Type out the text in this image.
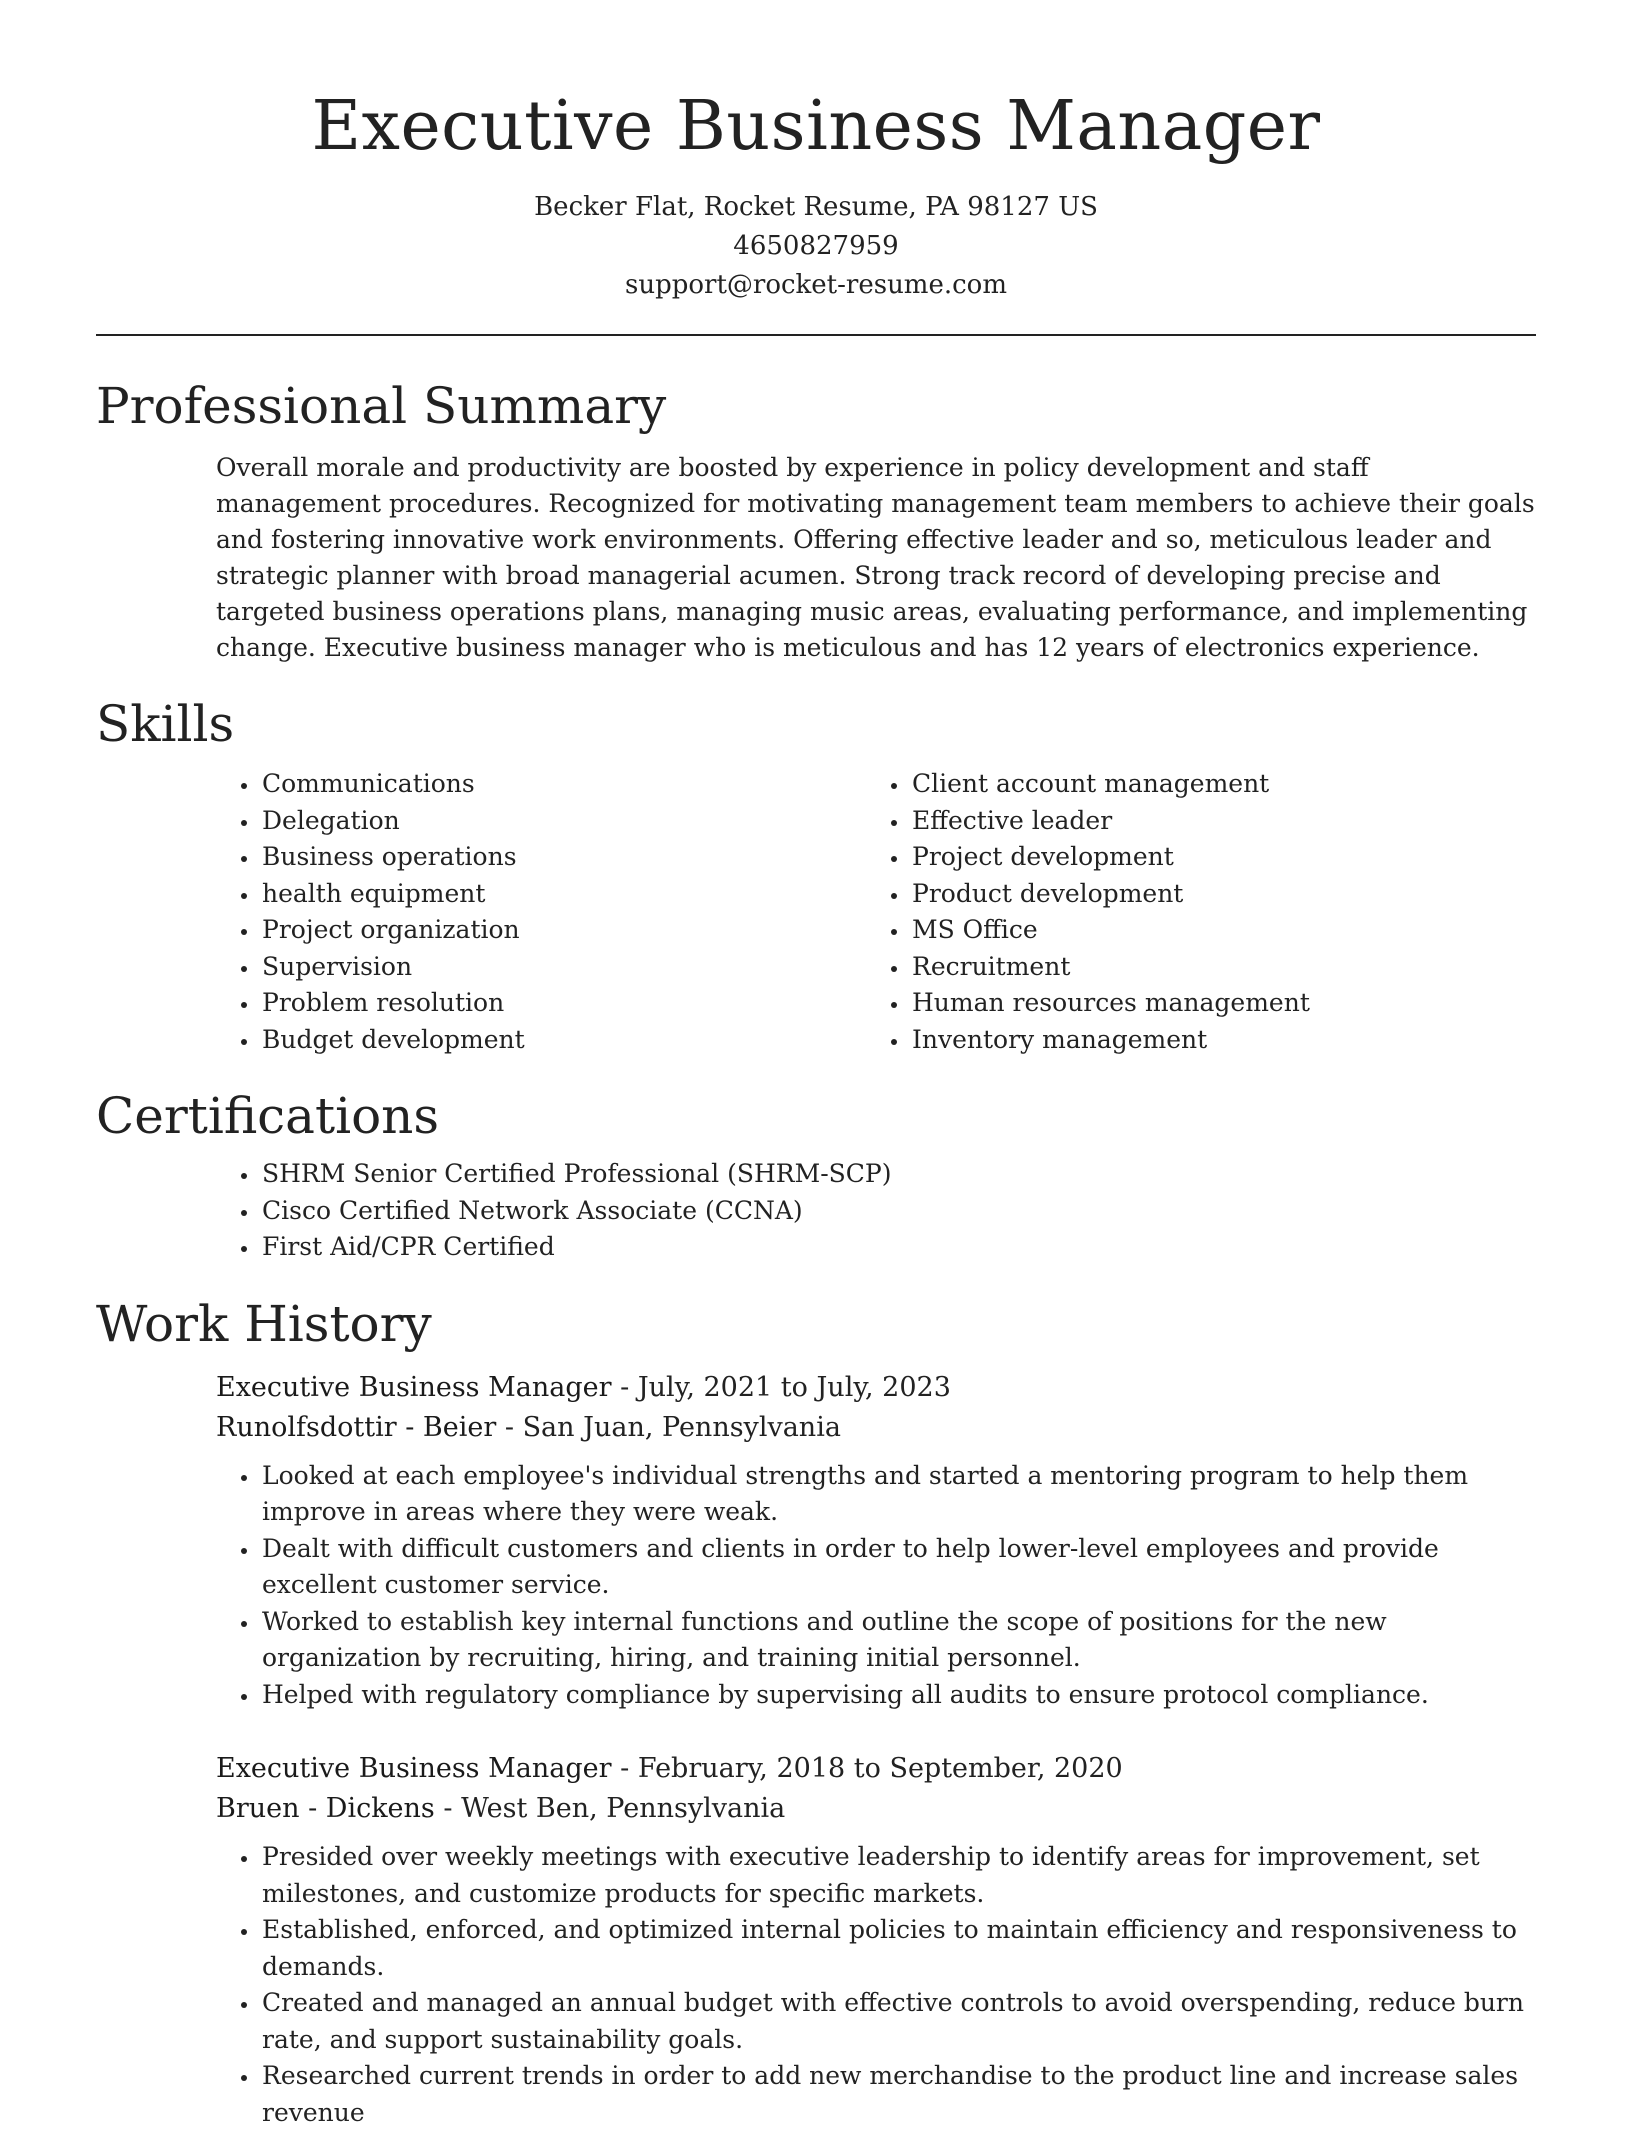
Executive Business Manager
Becker Flat, Rocket Resume, PA 98127 US
4650827959
support@rocket-resume.com
Professional Summary

Overall morale and productivity are boosted by experience in policy development and staff management procedures. Recognized for motivating management team members to achieve their goals and fostering innovative work environments. Offering effective leader and so, meticulous leader and strategic planner with broad managerial acumen. Strong track record of developing precise and targeted business operations plans, managing music areas, evaluating performance, and implementing change. Executive business manager who is meticulous and has 12 years of electronics experience.

Skills
• Communications
• Delegation
• Business operations
• health equipment
• Project organization
• Supervision
• Problem resolution
• Budget development
• Client account management
• Effective leader
• Project development
• Product development
• MS Office
• Recruitment
• Human resources management
• Inventory management
Certifications
• SHRM Senior Certified Professional (SHRM-SCP)
• Cisco Certified Network Associate (CCNA)
• First Aid/CPR Certified
Work History
Executive Business Manager - July, 2021 to July, 2023
Runolfsdottir - Beier - San Juan, Pennsylvania
• Looked at each employee's individual strengths and started a mentoring program to help them improve in areas where they were weak.
• Dealt with difficult customers and clients in order to help lower-level employees and provide excellent customer service.
• Worked to establish key internal functions and outline the scope of positions for the new organization by recruiting, hiring, and training initial personnel.
• Helped with regulatory compliance by supervising all audits to ensure protocol compliance.
Executive Business Manager - February, 2018 to September, 2020
Bruen - Dickens - West Ben, Pennsylvania
• Presided over weekly meetings with executive leadership to identify areas for improvement, set milestones, and customize products for specific markets.
• Established, enforced, and optimized internal policies to maintain efficiency and responsiveness to demands.
• Created and managed an annual budget with effective controls to avoid overspending, reduce burn rate, and support sustainability goals.
• Researched current trends in order to add new merchandise to the product line and increase sales revenue
